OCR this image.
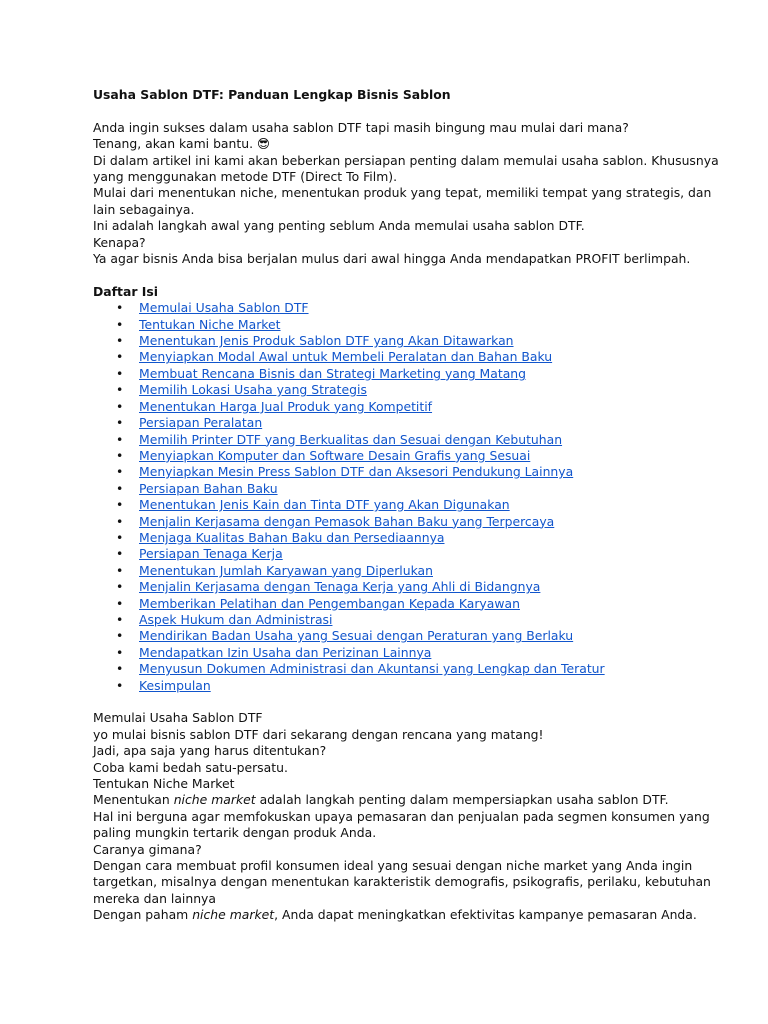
Usaha Sablon DTF: Panduan Lengkap Bisnis Sablon

Anda ingin sukses dalam usaha sablon DTF tapi masih bingung mau mulai dari mana?

Tenang, akan kami bantu. 😎

Di dalam artikel ini kami akan beberkan persiapan penting dalam memulai usaha sablon. Khususnya

yang menggunakan metode DTF (Direct To Film).

Mulai dari menentukan niche, menentukan produk yang tepat, memiliki tempat yang strategis, dan

lain sebagainya.

Ini adalah langkah awal yang penting seblum Anda memulai usaha sablon DTF.

Kenapa?

Ya agar bisnis Anda bisa berjalan mulus dari awal hingga Anda mendapatkan PROFIT berlimpah.

Daftar Isi

• Memulai Usaha Sablon DTF
• Tentukan Niche Market
• Menentukan Jenis Produk Sablon DTF yang Akan Ditawarkan
• Menyiapkan Modal Awal untuk Membeli Peralatan dan Bahan Baku
• Membuat Rencana Bisnis dan Strategi Marketing yang Matang
• Memilih Lokasi Usaha yang Strategis
• Menentukan Harga Jual Produk yang Kompetitif
• Persiapan Peralatan
• Memilih Printer DTF yang Berkualitas dan Sesuai dengan Kebutuhan
• Menyiapkan Komputer dan Software Desain Grafis yang Sesuai
• Menyiapkan Mesin Press Sablon DTF dan Aksesori Pendukung Lainnya
• Persiapan Bahan Baku
• Menentukan Jenis Kain dan Tinta DTF yang Akan Digunakan
• Menjalin Kerjasama dengan Pemasok Bahan Baku yang Terpercaya
• Menjaga Kualitas Bahan Baku dan Persediaannya
• Persiapan Tenaga Kerja
• Menentukan Jumlah Karyawan yang Diperlukan
• Menjalin Kerjasama dengan Tenaga Kerja yang Ahli di Bidangnya
• Memberikan Pelatihan dan Pengembangan Kepada Karyawan
• Aspek Hukum dan Administrasi
• Mendirikan Badan Usaha yang Sesuai dengan Peraturan yang Berlaku
• Mendapatkan Izin Usaha dan Perizinan Lainnya
• Menyusun Dokumen Administrasi dan Akuntansi yang Lengkap dan Teratur
• Kesimpulan

Memulai Usaha Sablon DTF

yo mulai bisnis sablon DTF dari sekarang dengan rencana yang matang!

Jadi, apa saja yang harus ditentukan?

Coba kami bedah satu-persatu.

Tentukan Niche Market

Menentukan niche market adalah langkah penting dalam mempersiapkan usaha sablon DTF.

Hal ini berguna agar memfokuskan upaya pemasaran dan penjualan pada segmen konsumen yang

paling mungkin tertarik dengan produk Anda.

Caranya gimana?

Dengan cara membuat profil konsumen ideal yang sesuai dengan niche market yang Anda ingin

targetkan, misalnya dengan menentukan karakteristik demografis, psikografis, perilaku, kebutuhan

mereka dan lainnya

Dengan paham niche market, Anda dapat meningkatkan efektivitas kampanye pemasaran Anda.
